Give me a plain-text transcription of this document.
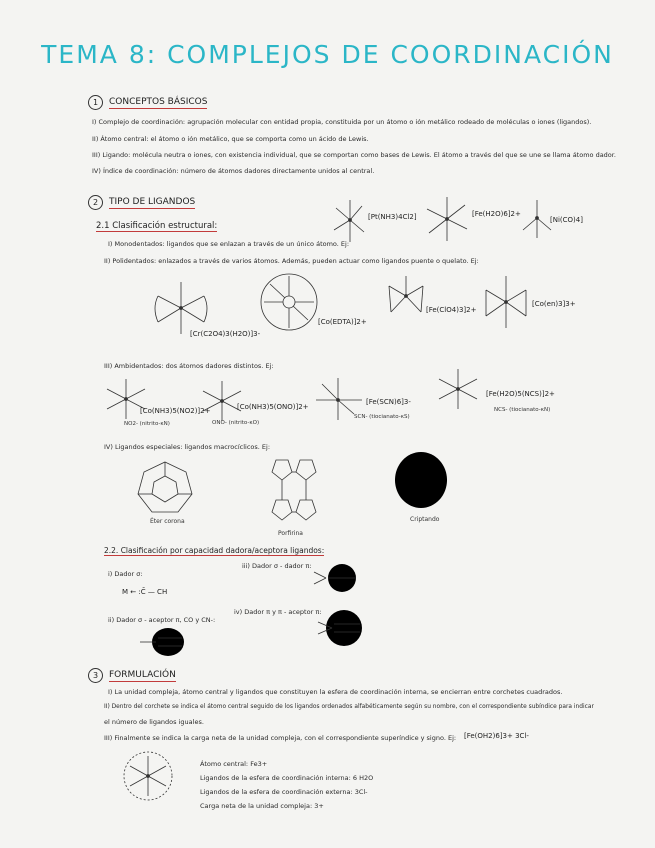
TEMA 8: COMPLEJOS DE COORDINACIÓN
1	CONCEPTOS BÁSICOS
I) Complejo de coordinación: agrupación molecular con entidad propia, constituida por un átomo o ión metálico rodeado de moléculas o iones (ligandos).
II) Átomo central: el átomo o ión metálico, que se comporta como un ácido de Lewis.
III) Ligando: molécula neutra o iones, con existencia individual, que se comportan como bases de Lewis. El átomo a través del que se une se llama átomo dador.
IV) Índice de coordinación: número de átomos dadores directamente unidos al central.
2	TIPO DE LIGANDOS
2.1 Clasificación estructural:
[Pt(NH3)4Cl2]	[Fe(H2O)6]2+
[Ni(CO)4]
I) Monodentados: ligandos que se enlazan a través de un único átomo. Ej:
II) Polidentados: enlazados a través de varios átomos. Además, pueden actuar como ligandos puente o quelato. Ej:
[Cr(C2O4)3(H2O)]3-
[Co(EDTA)]2+
[Fe(ClO4)3]2+
[Co(en)3]3+
III) Ambidentados: dos átomos dadores distintos. Ej:
[Co(NH3)5(NO2)]2+
NO2- (nitrito-κN)
[Co(NH3)5(ONO)]2+
ONO- (nitrito-κO)
[Fe(SCN)6]3-
SCN- (tiocianato-κS)
[Fe(H2O)5(NCS)]2+
NCS- (tiocianato-κN)
IV) Ligandos especiales: ligandos macrocíclicos. Ej:
Éter corona
Porfirina
Criptando
2.2. Clasificación por capacidad dadora/aceptora ligandos:
i) Dador σ:
M ← :C̄ — CH
iii) Dador σ - dador π:
ii) Dador σ - aceptor π, CO y CN-:
iv) Dador π y π - aceptor π:
3	FORMULACIÓN
I) La unidad compleja, átomo central y ligandos que constituyen la esfera de coordinación interna, se encierran entre corchetes cuadrados.
II) Dentro del corchete se indica el átomo central seguido de los ligandos ordenados alfabéticamente según su nombre, con el correspondiente subíndice para indicar
el número de ligandos iguales.
III) Finalmente se indica la carga neta de la unidad compleja, con el correspondiente superíndice y signo. Ej: [Fe(OH2)6]3+ 3Cl-
Átomo central: Fe3+
Ligandos de la esfera de coordinación interna: 6 H2O
Ligandos de la esfera de coordinación externa: 3Cl-
Carga neta de la unidad compleja: 3+
